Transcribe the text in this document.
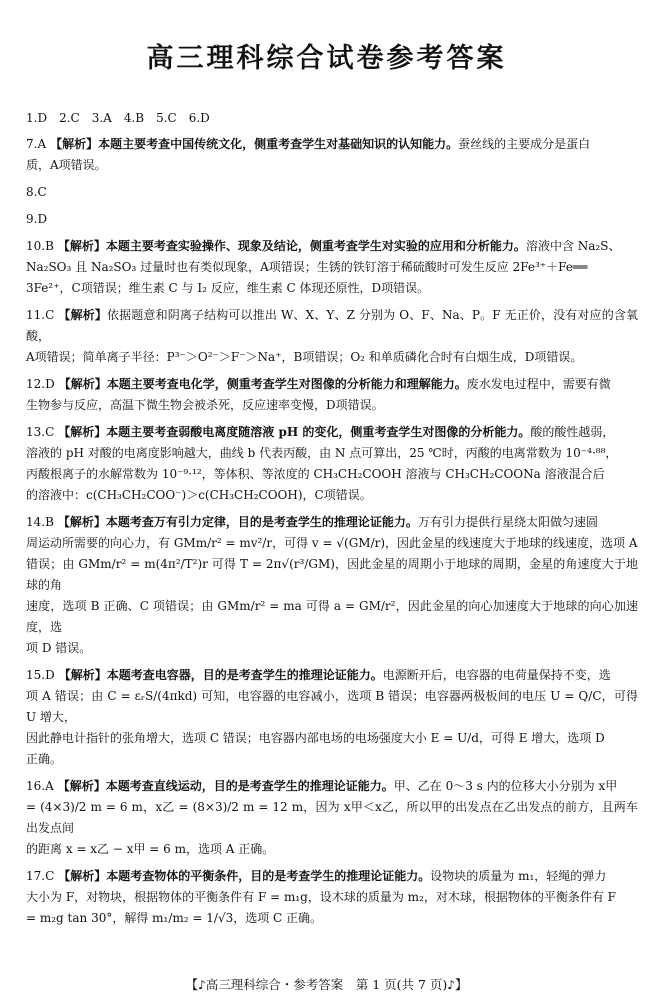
高三理科综合试卷参考答案
1.D　2.C　3.A　4.B　5.C　6.D
7.A 【解析】本题主要考查中国传统文化，侧重考查学生对基础知识的认知能力。蚕丝线的主要成分是蛋白
质，A项错误。
8.C
9.D
10.B 【解析】本题主要考查实验操作、现象及结论，侧重考查学生对实验的应用和分析能力。溶液中含 Na₂S、
Na₂SO₃ 且 Na₂SO₃ 过量时也有类似现象，A项错误；生锈的铁钉溶于稀硫酸时可发生反应 2Fe³⁺＋Fe══
3Fe²⁺，C项错误；维生素 C 与 I₂ 反应，维生素 C 体现还原性，D项错误。
11.C 【解析】依据题意和阴离子结构可以推出 W、X、Y、Z 分别为 O、F、Na、P。F 无正价，没有对应的含氧酸，
A项错误；简单离子半径：P³⁻＞O²⁻＞F⁻＞Na⁺，B项错误；O₂ 和单质磷化合时有白烟生成，D项错误。
12.D 【解析】本题主要考查电化学，侧重考查学生对图像的分析能力和理解能力。废水发电过程中，需要有微
生物参与反应，高温下微生物会被杀死，反应速率变慢，D项错误。
13.C 【解析】本题主要考查弱酸电离度随溶液 pH 的变化，侧重考查学生对图像的分析能力。酸的酸性越弱，
溶液的 pH 对酸的电离度影响越大，曲线 b 代表丙酸，由 N 点可算出，25 ℃时，丙酸的电离常数为 10⁻⁴·⁸⁸，
丙酸根离子的水解常数为 10⁻⁹·¹²，等体积、等浓度的 CH₃CH₂COOH 溶液与 CH₃CH₂COONa 溶液混合后
的溶液中：c(CH₃CH₂COO⁻)＞c(CH₃CH₂COOH)，C项错误。
14.B 【解析】本题考查万有引力定律，目的是考查学生的推理论证能力。万有引力提供行星绕太阳做匀速圆
周运动所需要的向心力，有 GMm/r² = mv²/r，可得 v = √(GM/r)，因此金星的线速度大于地球的线速度，选项 A
错误；由 GMm/r² = m(4π²/T²)r 可得 T = 2π√(r³/GM)，因此金星的周期小于地球的周期，金星的角速度大于地球的角
速度，选项 B 正确、C 项错误；由 GMm/r² = ma 可得 a = GM/r²，因此金星的向心加速度大于地球的向心加速度，选
项 D 错误。
15.D 【解析】本题考查电容器，目的是考查学生的推理论证能力。电源断开后，电容器的电荷量保持不变，选
项 A 错误；由 C = εᵣS/(4πkd) 可知，电容器的电容减小，选项 B 错误；电容器两极板间的电压 U = Q/C，可得 U 增大，
因此静电计指针的张角增大，选项 C 错误；电容器内部电场的电场强度大小 E = U/d，可得 E 增大，选项 D
正确。
16.A 【解析】本题考查直线运动，目的是考查学生的推理论证能力。甲、乙在 0～3 s 内的位移大小分别为 x甲
= (4×3)/2 m = 6 m，x乙 = (8×3)/2 m = 12 m，因为 x甲＜x乙，所以甲的出发点在乙出发点的前方，且两车出发点间
的距离 x = x乙 − x甲 = 6 m，选项 A 正确。
17.C 【解析】本题考查物体的平衡条件，目的是考查学生的推理论证能力。设物块的质量为 m₁，轻绳的弹力
大小为 F，对物块，根据物体的平衡条件有 F = m₁g，设木球的质量为 m₂，对木球，根据物体的平衡条件有 F
= m₂g tan 30°，解得 m₁/m₂ = 1/√3，选项 C 正确。
【♪高三理科综合・参考答案　第 1 页(共 7 页)♪】
